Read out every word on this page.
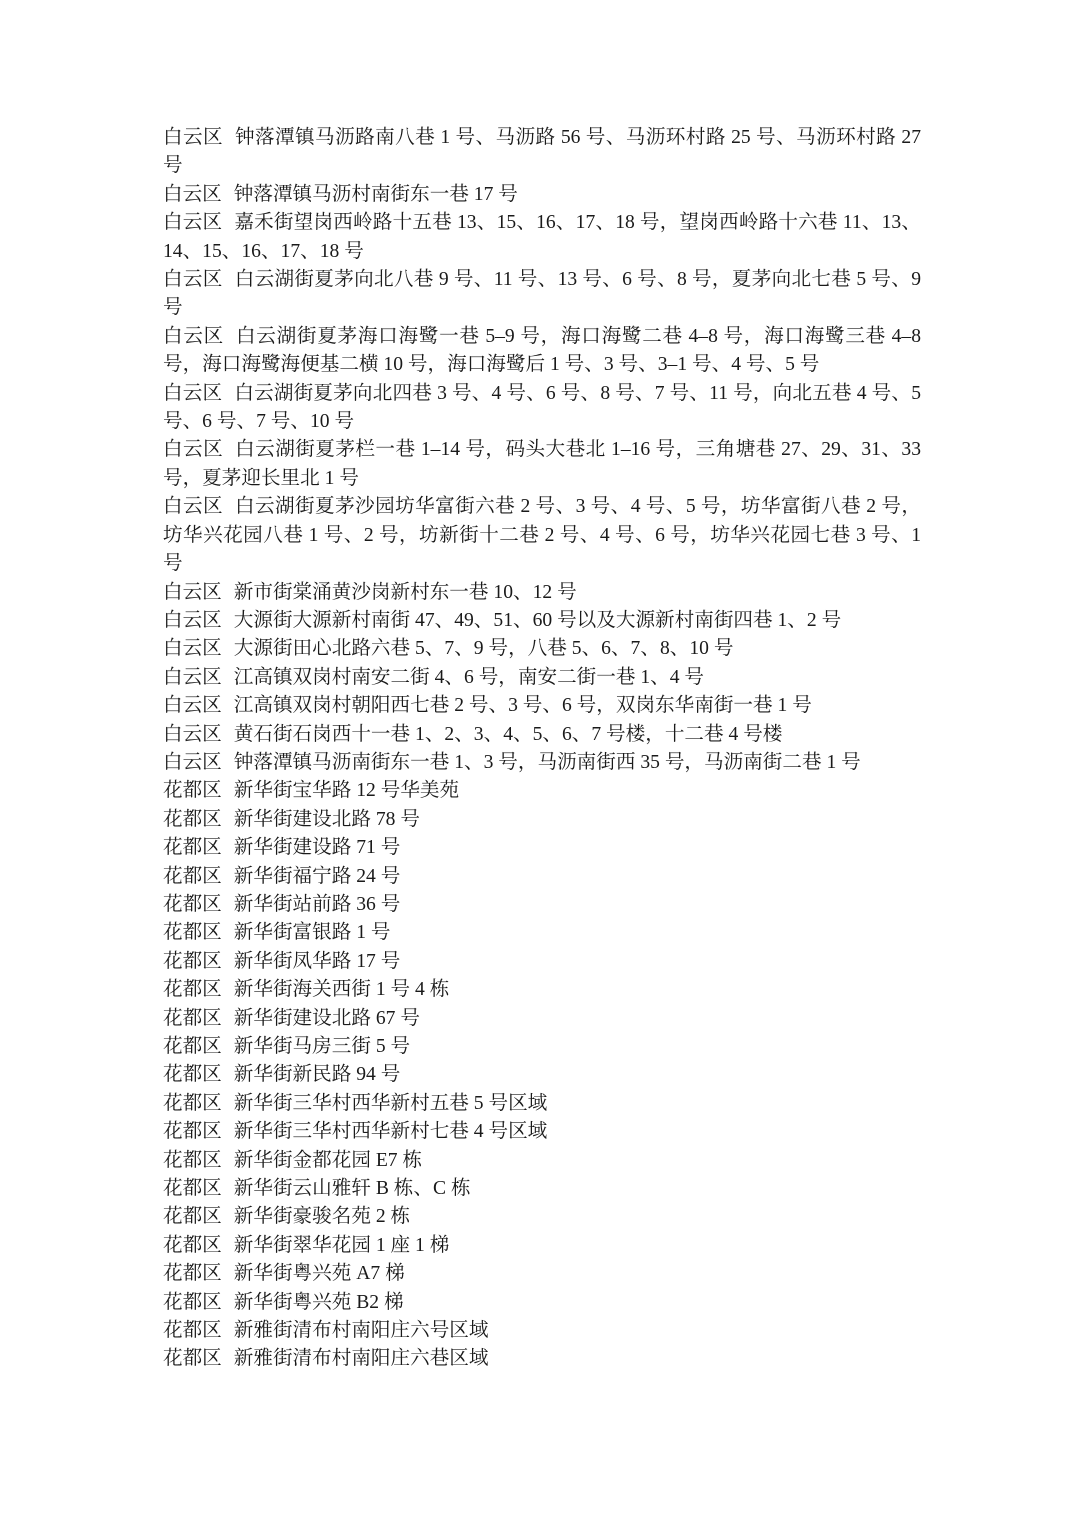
白云区 钟落潭镇马沥路南八巷 1 号、马沥路 56 号、马沥环村路 25 号、马沥环村路 27 号

白云区 钟落潭镇马沥村南街东一巷 17 号

白云区 嘉禾街望岗西岭路十五巷 13、15、16、17、18 号，望岗西岭路十六巷 11、13、14、15、16、17、18 号

白云区 白云湖街夏茅向北八巷 9 号、11 号、13 号、6 号、8 号，夏茅向北七巷 5 号、9 号

白云区 白云湖街夏茅海口海鹭一巷 5–9 号，海口海鹭二巷 4–8 号，海口海鹭三巷 4–8 号，海口海鹭海便基二横 10 号，海口海鹭后 1 号、3 号、3–1 号、4 号、5 号

白云区 白云湖街夏茅向北四巷 3 号、4 号、6 号、8 号、7 号、11 号，向北五巷 4 号、5 号、6 号、7 号、10 号

白云区 白云湖街夏茅栏一巷 1–14 号，码头大巷北 1–16 号，三角塘巷 27、29、31、33 号，夏茅迎长里北 1 号

白云区 白云湖街夏茅沙园坊华富街六巷 2 号、3 号、4 号、5 号，坊华富街八巷 2 号，坊华兴花园八巷 1 号、2 号，坊新街十二巷 2 号、4 号、6 号，坊华兴花园七巷 3 号、1 号

白云区 新市街棠涌黄沙岗新村东一巷 10、12 号

白云区 大源街大源新村南街 47、49、51、60 号以及大源新村南街四巷 1、2 号

白云区 大源街田心北路六巷 5、7、9 号，八巷 5、6、7、8、10 号

白云区 江高镇双岗村南安二街 4、6 号，南安二街一巷 1、4 号

白云区 江高镇双岗村朝阳西七巷 2 号、3 号、6 号，双岗东华南街一巷 1 号

白云区 黄石街石岗西十一巷 1、2、3、4、5、6、7 号楼，十二巷 4 号楼

白云区 钟落潭镇马沥南街东一巷 1、3 号，马沥南街西 35 号，马沥南街二巷 1 号

花都区 新华街宝华路 12 号华美苑

花都区 新华街建设北路 78 号

花都区 新华街建设路 71 号

花都区 新华街福宁路 24 号

花都区 新华街站前路 36 号

花都区 新华街富银路 1 号

花都区 新华街凤华路 17 号

花都区 新华街海关西街 1 号 4 栋

花都区 新华街建设北路 67 号

花都区 新华街马房三街 5 号

花都区 新华街新民路 94 号

花都区 新华街三华村西华新村五巷 5 号区域

花都区 新华街三华村西华新村七巷 4 号区域

花都区 新华街金都花园 E7 栋

花都区 新华街云山雅轩 B 栋、C 栋

花都区 新华街豪骏名苑 2 栋

花都区 新华街翠华花园 1 座 1 梯

花都区 新华街粤兴苑 A7 梯

花都区 新华街粤兴苑 B2 梯

花都区 新雅街清布村南阳庄六号区域

花都区 新雅街清布村南阳庄六巷区域
